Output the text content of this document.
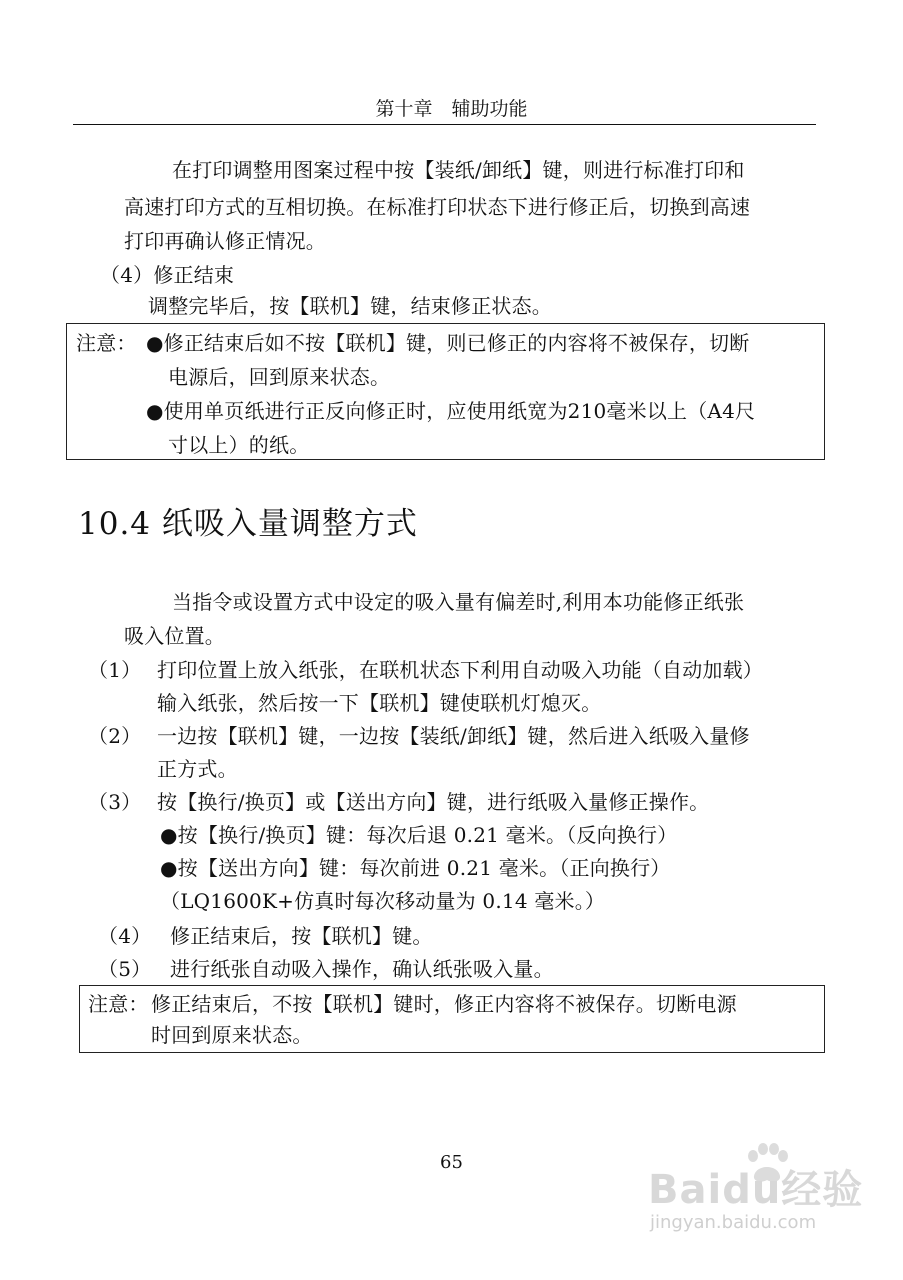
第十章　辅助功能
在打印调整用图案过程中按【装纸/卸纸】键，则进行标准打印和
高速打印方式的互相切换。在标准打印状态下进行修正后，切换到高速
打印再确认修正情况。
（4）修正结束
调整完毕后，按【联机】键，结束修正状态。
注意： ●修正结束后如不按【联机】键，则已修正的内容将不被保存，切断
电源后，回到原来状态。
●使用单页纸进行正反向修正时，应使用纸宽为210毫米以上（A4尺
寸以上）的纸。
10.4 纸吸入量调整方式
当指令或设置方式中设定的吸入量有偏差时,利用本功能修正纸张
吸入位置。
（1） 打印位置上放入纸张，在联机状态下利用自动吸入功能（自动加载）
输入纸张，然后按一下【联机】键使联机灯熄灭。
（2） 一边按【联机】键，一边按【装纸/卸纸】键，然后进入纸吸入量修
正方式。
（3） 按【换行/换页】或【送出方向】键，进行纸吸入量修正操作。
●按【换行/换页】键：每次后退 0.21 毫米。（反向换行）
●按【送出方向】键：每次前进 0.21 毫米。（正向换行）
（LQ1600K+仿真时每次移动量为 0.14 毫米。）
（4） 修正结束后，按【联机】键。
（5） 进行纸张自动吸入操作，确认纸张吸入量。
注意： 修正结束后，不按【联机】键时，修正内容将不被保存。切断电源
时回到原来状态。
65
Baidu经验
jingyan.baidu.com
